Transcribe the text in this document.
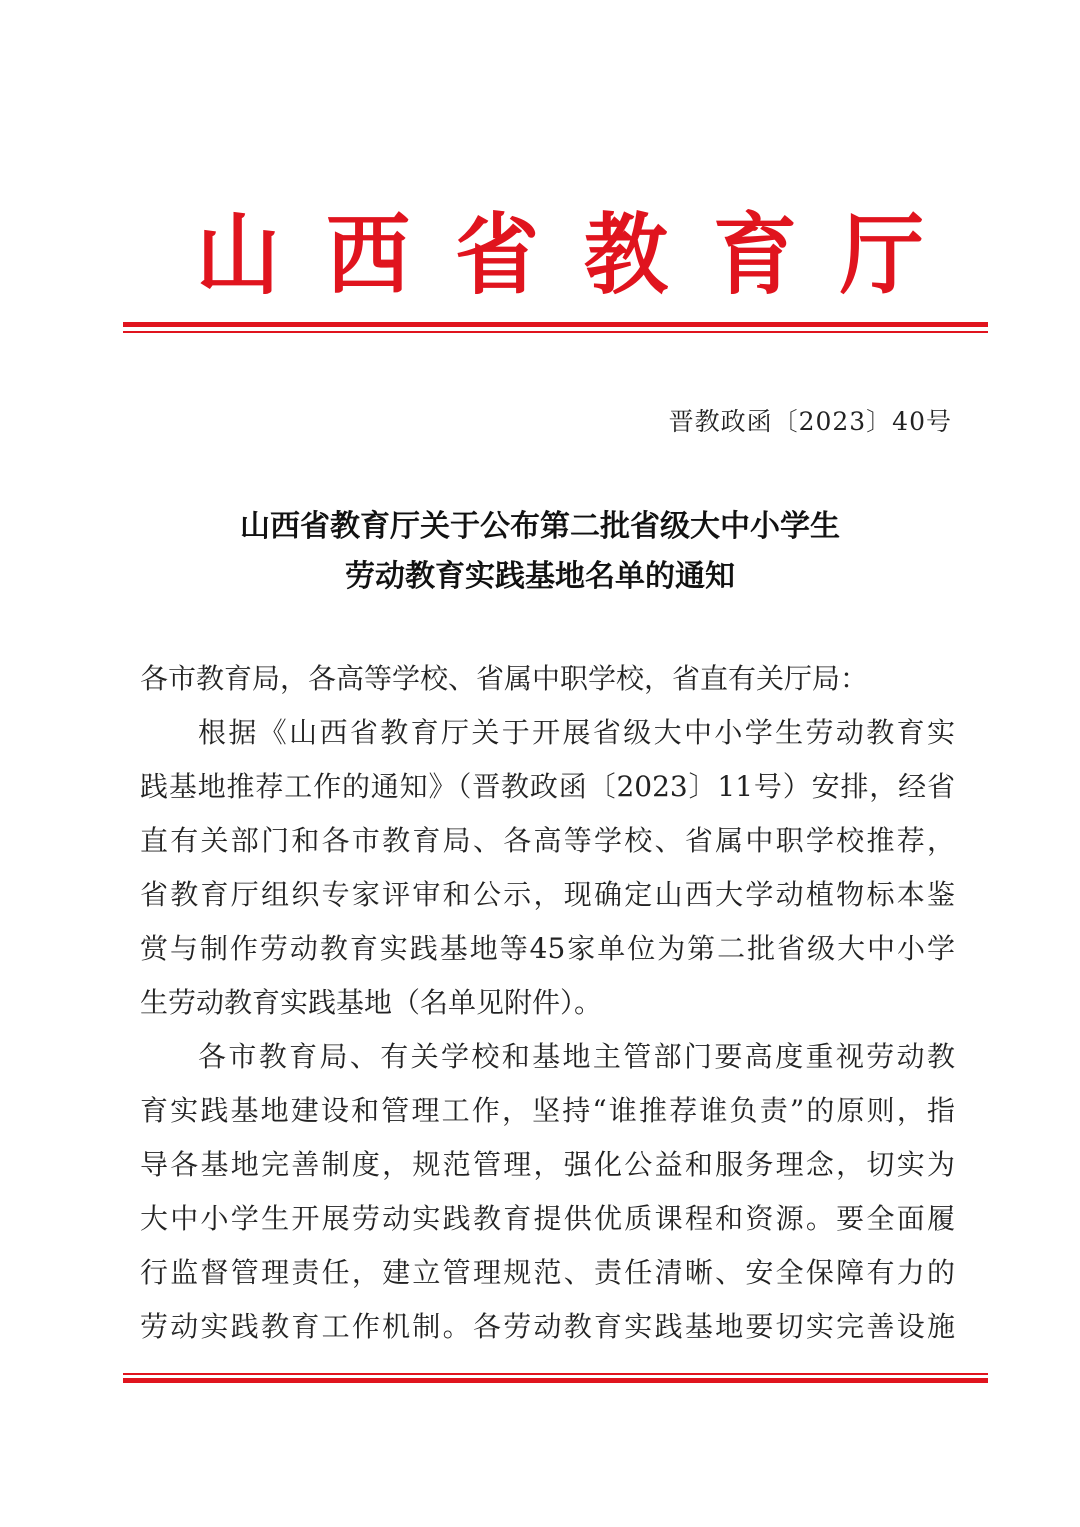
山 西 省 教 育 厅
晋教政函〔2023〕40号
山西省教育厅关于公布第二批省级大中小学生
劳动教育实践基地名单的通知
各市教育局，各高等学校、省属中职学校，省直有关厅局：
根据《山西省教育厅关于开展省级大中小学生劳动教育实
践基地推荐工作的通知》（晋教政函〔2023〕11号）安排，经省
直有关部门和各市教育局、各高等学校、省属中职学校推荐，
省教育厅组织专家评审和公示，现确定山西大学动植物标本鉴
赏与制作劳动教育实践基地等45家单位为第二批省级大中小学
生劳动教育实践基地（名单见附件）。
各市教育局、有关学校和基地主管部门要高度重视劳动教
育实践基地建设和管理工作，坚持“谁推荐谁负责”的原则，指
导各基地完善制度，规范管理，强化公益和服务理念，切实为
大中小学生开展劳动实践教育提供优质课程和资源。要全面履
行监督管理责任，建立管理规范、责任清晰、安全保障有力的
劳动实践教育工作机制。各劳动教育实践基地要切实完善设施
